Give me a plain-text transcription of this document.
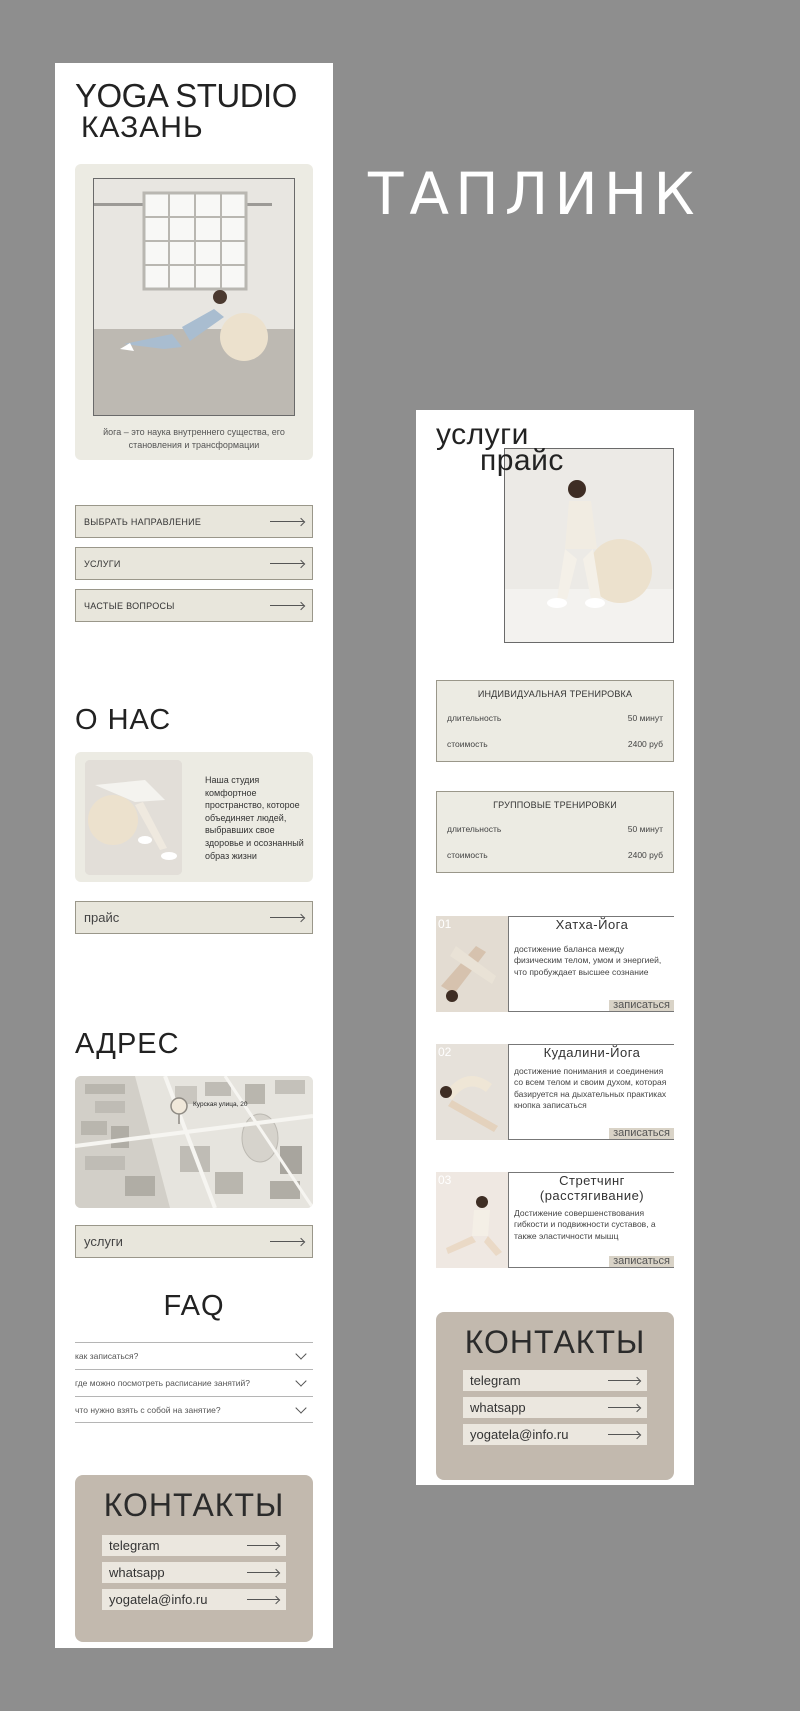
ТАПЛИНК
YOGA STUDIO
КАЗАНЬ
йога – это наука внутреннего существа, его становления и трансформации
ВЫБРАТЬ НАПРАВЛЕНИЕ
УСЛУГИ
ЧАСТЫЕ ВОПРОСЫ
О НАС
Наша студия комфортное пространство, которое объединяет людей, выбравших свое здоровье и осознанный образ жизни
прайс
АДРЕС
Курская улица, 20
услуги
FAQ
как записаться?
где можно посмотреть расписание занятий?
что нужно взять с собой на занятие?
КОНТАКТЫ
telegram
whatsapp
yogatela@info.ru
услуги
прайс
ИНДИВИДУАЛЬНАЯ ТРЕНИРОВКА
длительность	50 минут
стоимость	2400 руб
ГРУППОВЫЕ ТРЕНИРОВКИ
длительность	50 минут
стоимость	2400 руб
01	Хатха-Йога
достижение баланса между физическим телом, умом и энергией, что пробуждает высшее сознание
записаться
02	Кудалини-Йога
достижение понимания и соединения со всем телом и своим духом, которая базируется на дыхательных практиках кнопка записаться
записаться
03	Стретчинг (расстягивание)
Достижение совершенствования гибкости и подвижности суставов, а также эластичности мышц
записаться
КОНТАКТЫ
telegram
whatsapp
yogatela@info.ru
